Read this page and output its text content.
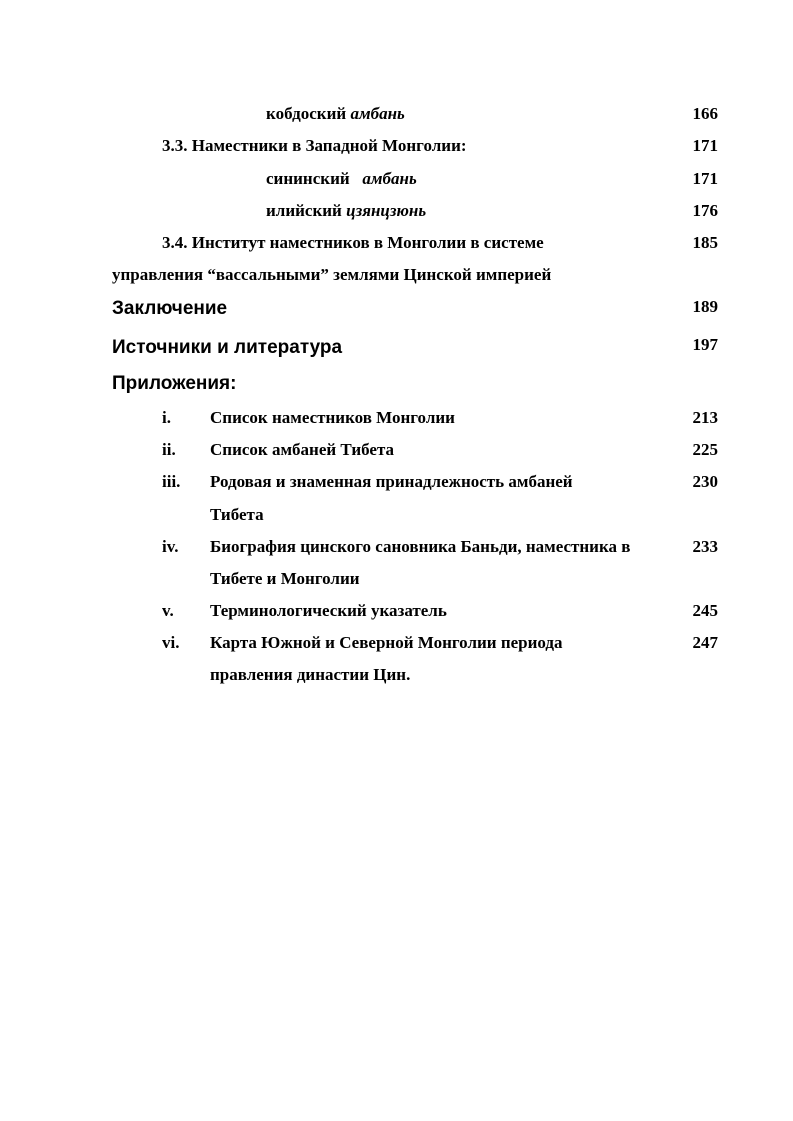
кобдоский амбань	166
3.3. Наместники в Западной Монголии:	171
сининский   амбань	171
илийский цзянцзюнь	176
3.4. Институт наместников в Монголии в системе	185
управления “вассальными” землями Цинской империей
Заключение	189
Источники и литература	197
Приложения:
i. Список наместников Монголии	213
ii. Список амбаней Тибета	225
iii. Родовая и знаменная принадлежность амбаней	230
Тибета
iv. Биография цинского сановника Баньди, наместника в	233
Тибете и Монголии
v. Терминологический указатель	245
vi. Карта Южной и Северной Монголии периода	247
правления династии Цин.
